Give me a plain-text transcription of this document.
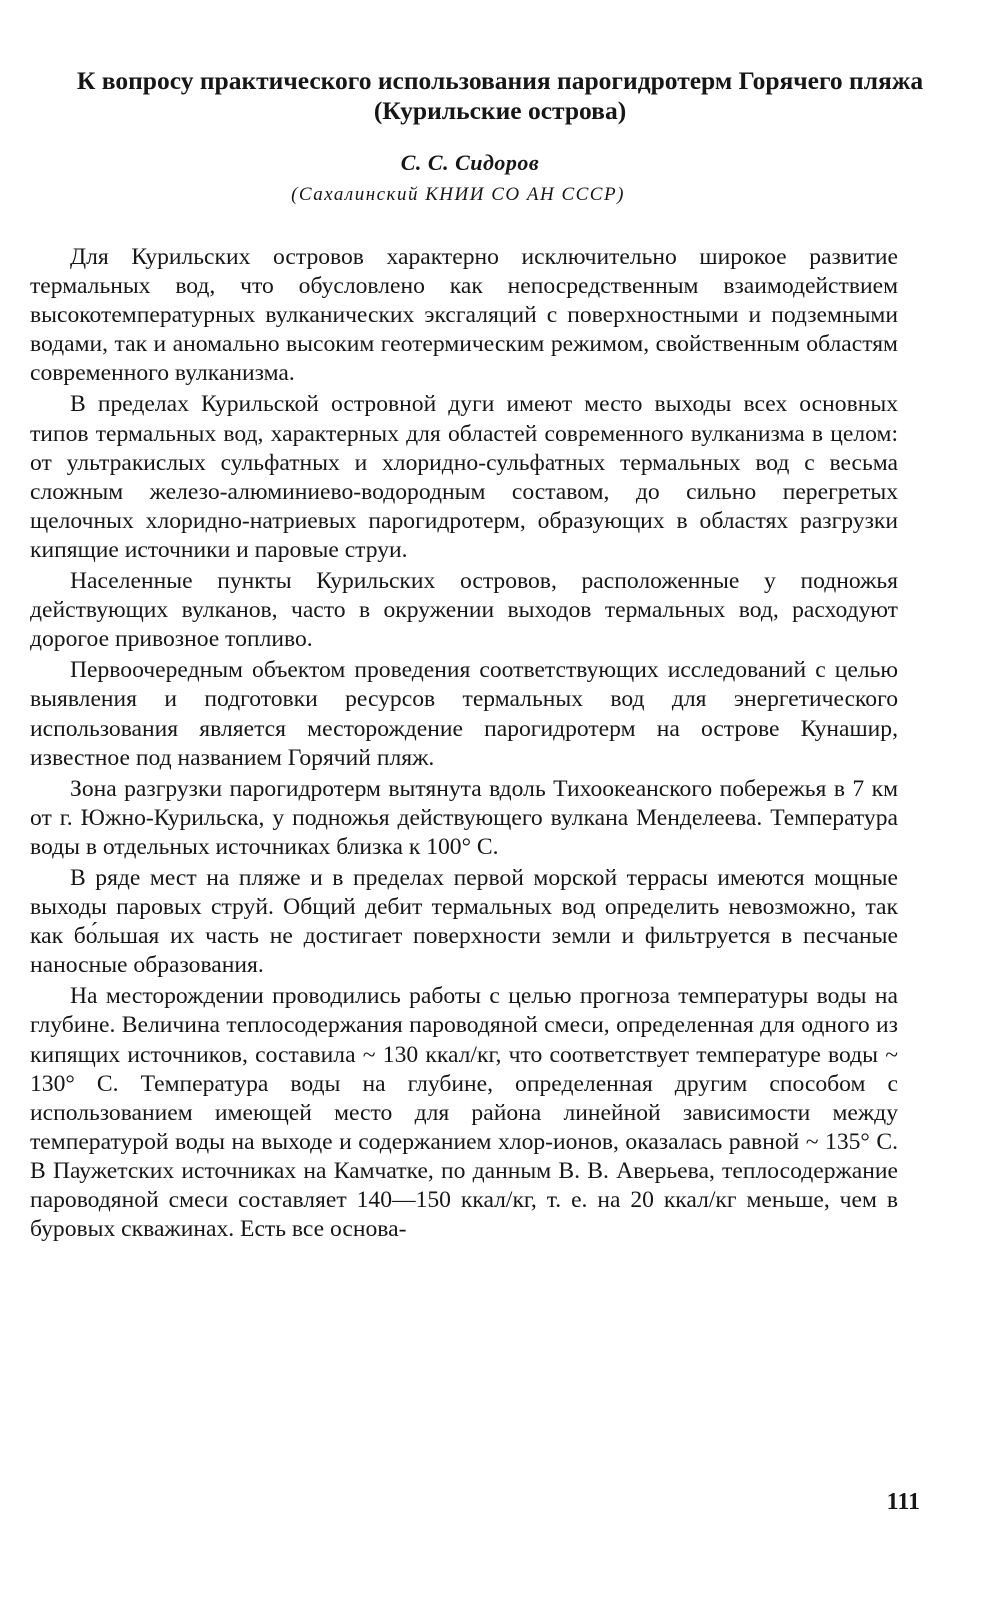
К вопросу практического использования парогидротерм Горячего пляжа (Курильские острова)

С. С. Сидоров

(Сахалинский КНИИ СО АН СССР)

Для Курильских островов характерно исключительно широкое развитие термальных вод, что обусловлено как непосредственным взаимодействием высокотемпературных вулканических эксгаляций с поверхностными и подземными водами, так и аномально высоким геотермическим режимом, свойственным областям современного вулканизма.

В пределах Курильской островной дуги имеют место выходы всех основных типов термальных вод, характерных для областей современного вулканизма в целом: от ультракислых сульфатных и хлоридно-сульфатных термальных вод с весьма сложным железо-алюминиево-водородным составом, до сильно перегретых щелочных хлоридно-натриевых парогидротерм, образующих в областях разгрузки кипящие источники и паровые струи.

Населенные пункты Курильских островов, расположенные у подножья действующих вулканов, часто в окружении выходов термальных вод, расходуют дорогое привозное топливо.

Первоочередным объектом проведения соответствующих исследований с целью выявления и подготовки ресурсов термальных вод для энергетического использования является месторождение парогидротерм на острове Кунашир, известное под названием Горячий пляж.

Зона разгрузки парогидротерм вытянута вдоль Тихоокеанского побережья в 7 км от г. Южно-Курильска, у подножья действующего вулкана Менделеева. Температура воды в отдельных источниках близка к 100° С.

В ряде мест на пляже и в пределах первой морской террасы имеются мощные выходы паровых струй. Общий дебит термальных вод определить невозможно, так как бо́льшая их часть не достигает поверхности земли и фильтруется в песчаные наносные образования.

На месторождении проводились работы с целью прогноза температуры воды на глубине. Величина теплосодержания пароводяной смеси, определенная для одного из кипящих источников, составила ~ 130 ккал/кг, что соответствует температуре воды ~ 130° С. Температура воды на глубине, определенная другим способом с использованием имеющей место для района линейной зависимости между температурой воды на выходе и содержанием хлор-ионов, оказалась равной ~ 135° С. В Паужетских источниках на Камчатке, по данным В. В. Аверьева, теплосодержание пароводяной смеси составляет 140—150 ккал/кг, т. е. на 20 ккал/кг меньше, чем в буровых скважинах. Есть все основа-

111
